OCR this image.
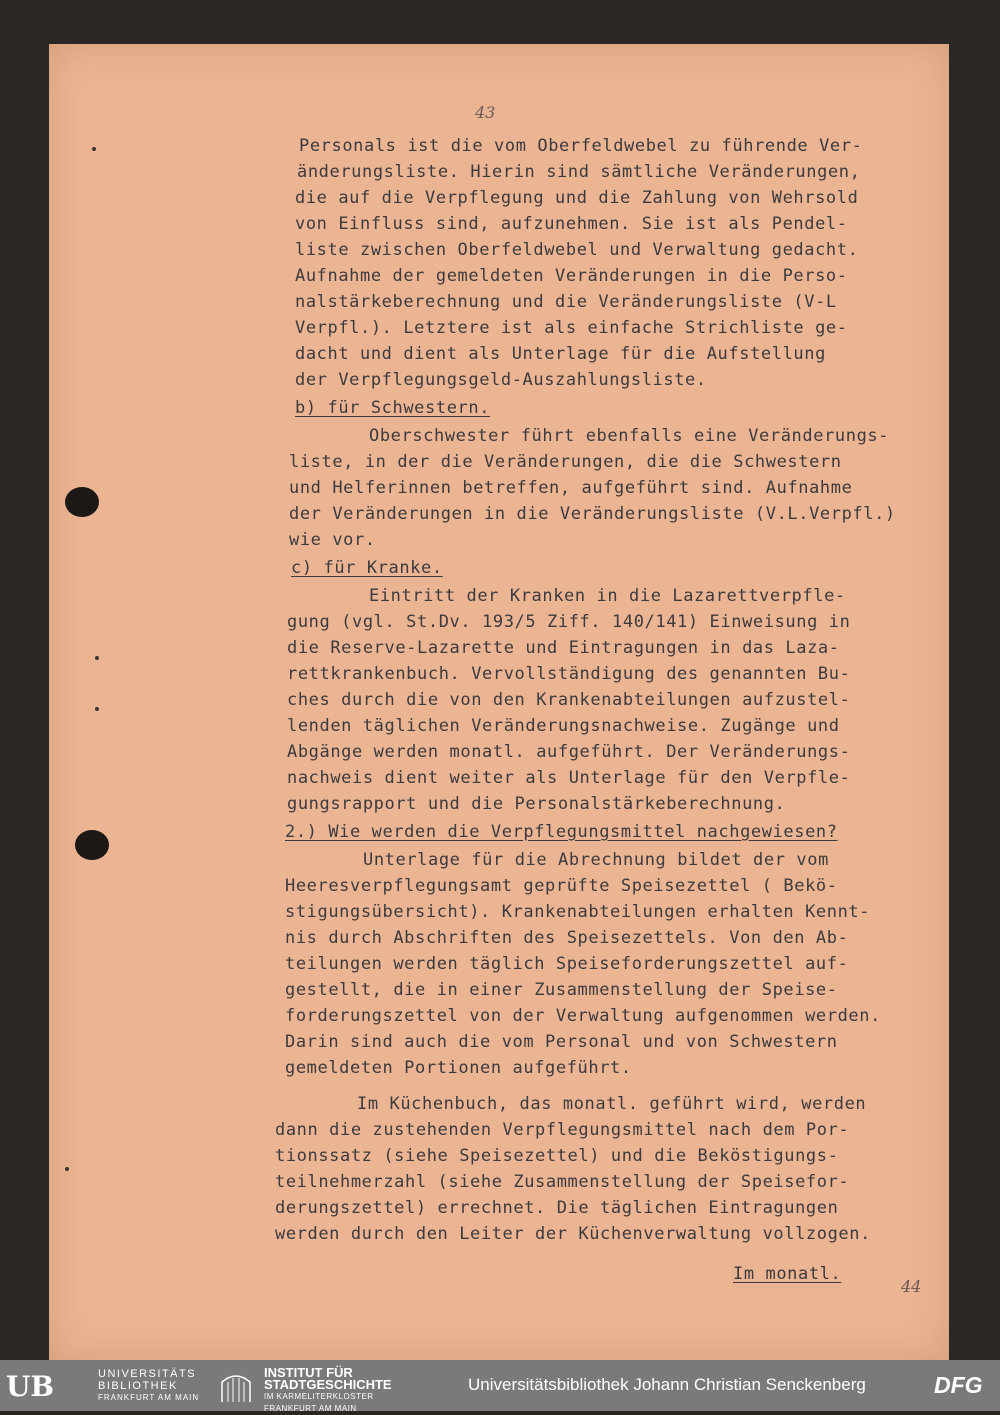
43
44
Personals ist die vom Oberfeldwebel zu führende Ver-
änderungsliste. Hierin sind sämtliche Veränderungen,
die auf die Verpflegung und die Zahlung von Wehrsold
von Einfluss sind, aufzunehmen. Sie ist als Pendel-
liste zwischen Oberfeldwebel und Verwaltung gedacht.
Aufnahme der gemeldeten Veränderungen in die Perso-
nalstärkeberechnung und die Veränderungsliste (V-L
Verpfl.). Letztere ist als einfache Strichliste ge-
dacht und dient als Unterlage für die Aufstellung
der Verpflegungsgeld-Auszahlungsliste.
b) für Schwestern.
Oberschwester führt ebenfalls eine Veränderungs-
liste, in der die Veränderungen, die die Schwestern
und Helferinnen betreffen, aufgeführt sind. Aufnahme
der Veränderungen in die Veränderungsliste (V.L.Verpfl.)
wie vor.
c) für Kranke.
Eintritt der Kranken in die Lazarettverpfle-
gung (vgl. St.Dv. 193/5 Ziff. 140/141) Einweisung in
die Reserve-Lazarette und Eintragungen in das Laza-
rettkrankenbuch. Vervollständigung des genannten Bu-
ches durch die von den Krankenabteilungen aufzustel-
lenden täglichen Veränderungsnachweise. Zugänge und
Abgänge werden monatl. aufgeführt. Der Veränderungs-
nachweis dient weiter als Unterlage für den Verpfle-
gungsrapport und die Personalstärkeberechnung.
2.) Wie werden die Verpflegungsmittel nachgewiesen?
Unterlage für die Abrechnung bildet der vom
Heeresverpflegungsamt geprüfte Speisezettel ( Bekö-
stigungsübersicht). Krankenabteilungen erhalten Kennt-
nis durch Abschriften des Speisezettels. Von den Ab-
teilungen werden täglich Speiseforderungszettel auf-
gestellt, die in einer Zusammenstellung der Speise-
forderungszettel von der Verwaltung aufgenommen werden.
Darin sind auch die vom Personal und von Schwestern
gemeldeten Portionen aufgeführt.
Im Küchenbuch, das monatl. geführt wird, werden
dann die zustehenden Verpflegungsmittel nach dem Por-
tionssatz (siehe Speisezettel) und die Beköstigungs-
teilnehmerzahl (siehe Zusammenstellung der Speisefor-
derungszettel) errechnet. Die täglichen Eintragungen
werden durch den Leiter der Küchenverwaltung vollzogen.
Im monatl.
UB	UNIVERSITÄTS
BIBLIOTHEK
FRANKFURT AM MAIN
INSTITUT FÜR
STADTGESCHICHTE
IM KARMELITERKLOSTER
FRANKFURT AM MAIN
Universitätsbibliothek Johann Christian Senckenberg	DFG
